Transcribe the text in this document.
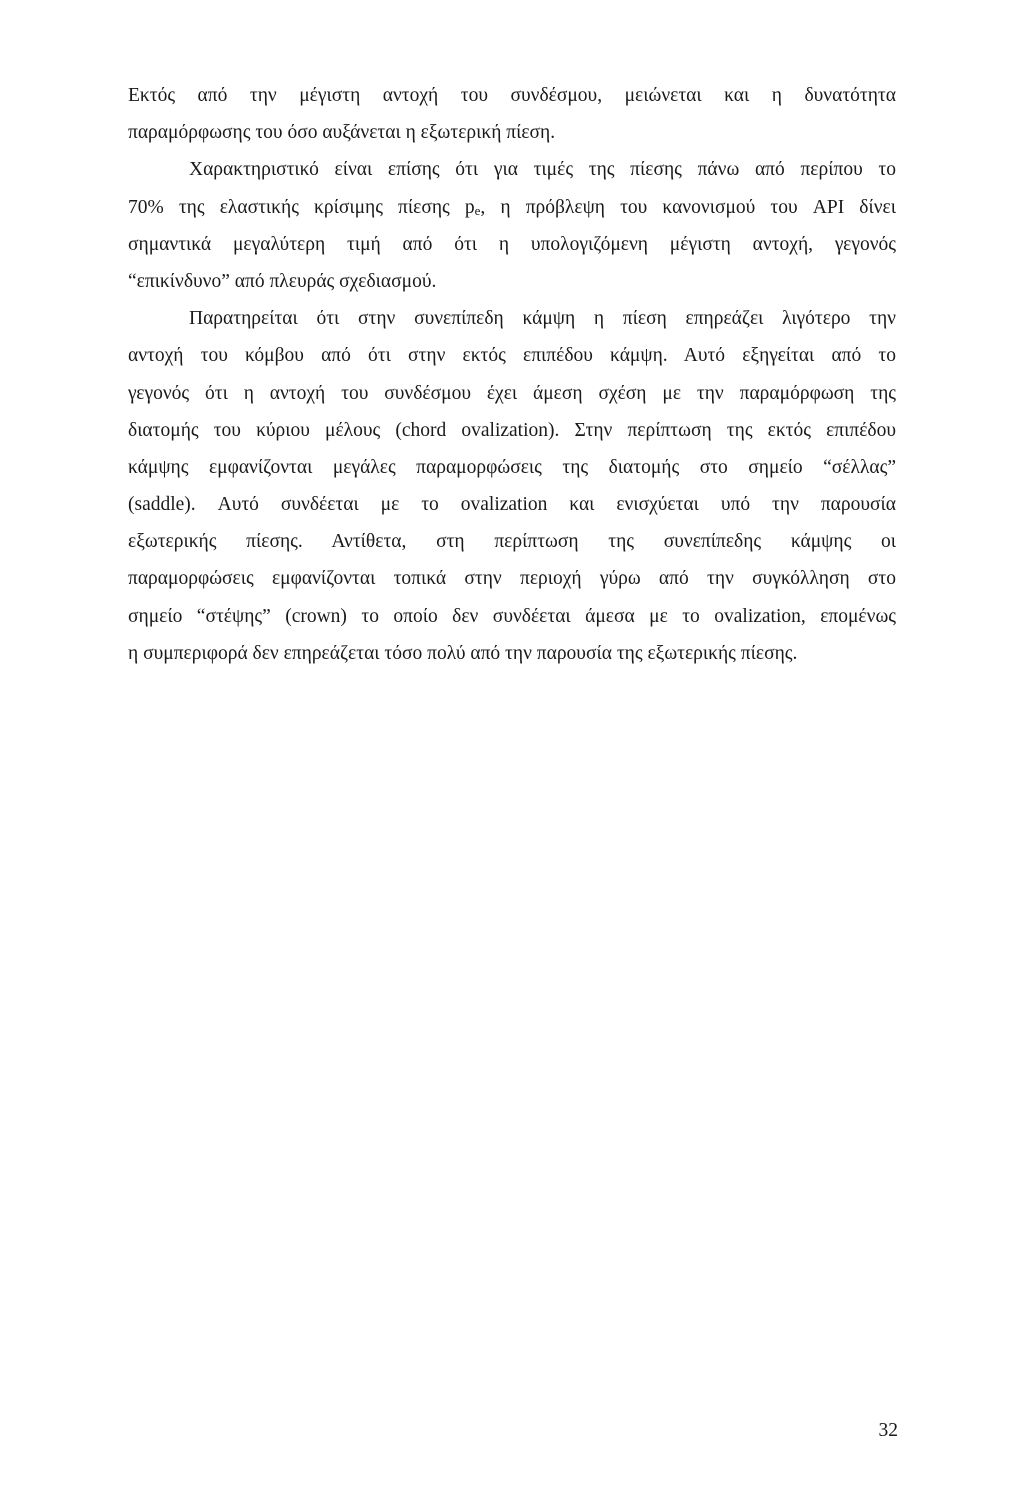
Εκτός από την μέγιστη αντοχή του συνδέσμου, μειώνεται και η δυνατότητα
παραμόρφωσης του όσο αυξάνεται η εξωτερική πίεση.
Χαρακτηριστικό είναι επίσης ότι για τιμές της πίεσης πάνω από περίπου το
70% της ελαστικής κρίσιμης πίεσης $p_e$, η πρόβλεψη του κανονισμού του API δίνει
σημαντικά μεγαλύτερη τιμή από ότι η υπολογιζόμενη μέγιστη αντοχή, γεγονός
“επικίνδυνο” από πλευράς σχεδιασμού.
Παρατηρείται ότι στην συνεπίπεδη κάμψη η πίεση επηρεάζει λιγότερο την
αντοχή του κόμβου από ότι στην εκτός επιπέδου κάμψη. Αυτό εξηγείται από το
γεγονός ότι η αντοχή του συνδέσμου έχει άμεση σχέση με την παραμόρφωση της
διατομής του κύριου μέλους (chord ovalization). Στην περίπτωση της εκτός επιπέδου
κάμψης εμφανίζονται μεγάλες παραμορφώσεις της διατομής στο σημείο “σέλλας”
(saddle). Αυτό συνδέεται με το ovalization και ενισχύεται υπό την παρουσία
εξωτερικής πίεσης. Αντίθετα, στη περίπτωση της συνεπίπεδης κάμψης οι
παραμορφώσεις εμφανίζονται τοπικά στην περιοχή γύρω από την συγκόλληση στο
σημείο “στέψης” (crown) το οποίο δεν συνδέεται άμεσα με το ovalization, επομένως
η συμπεριφορά δεν επηρεάζεται τόσο πολύ από την παρουσία της εξωτερικής πίεσης.
32
